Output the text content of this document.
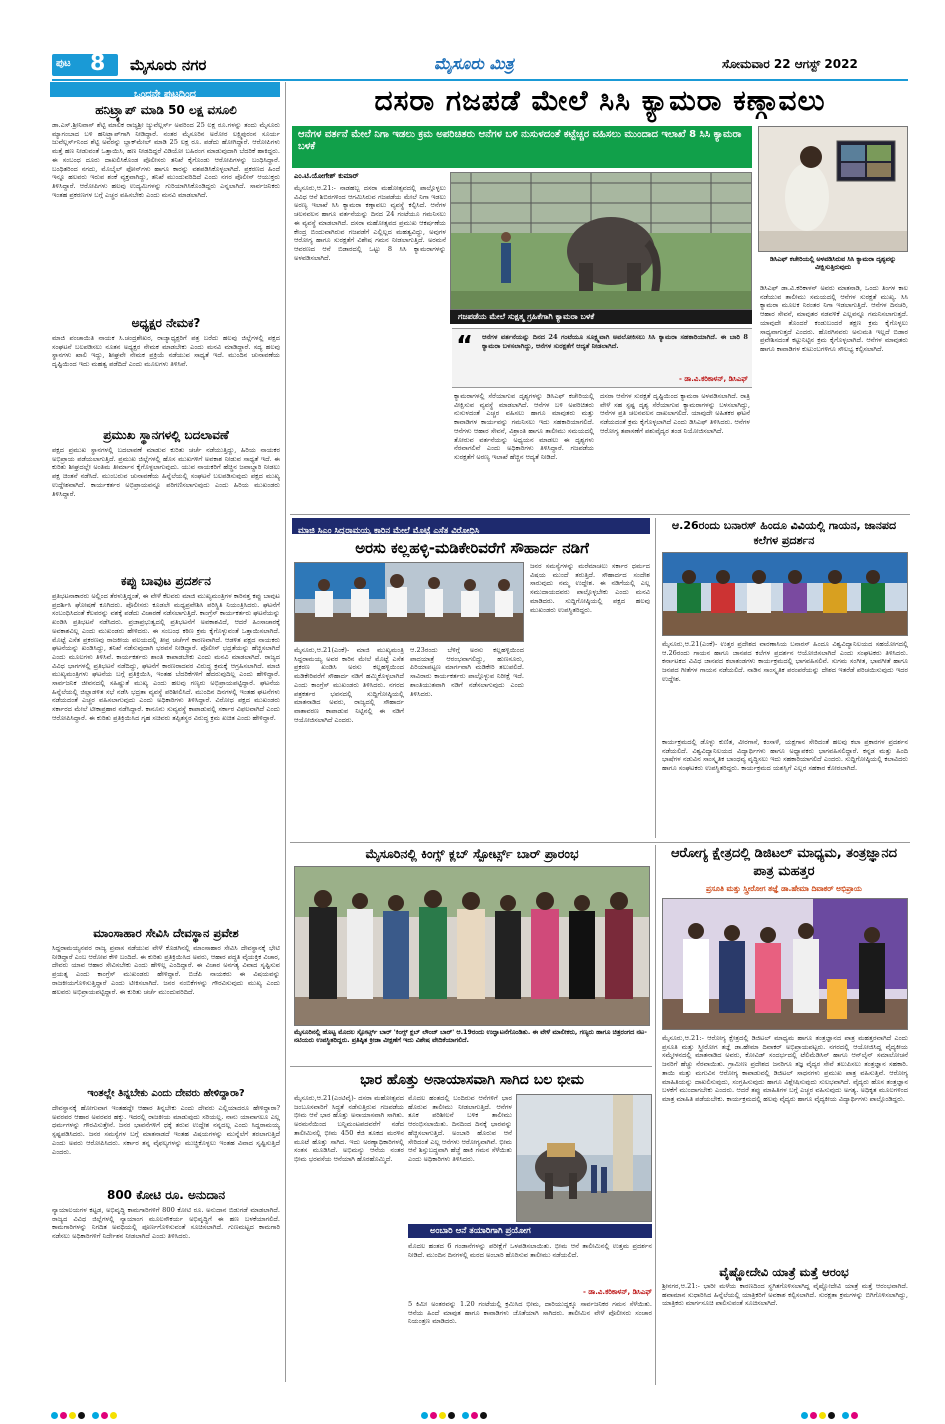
ಪುಟ 8 ಮೈಸೂರು ನಗರ	ಮೈಸೂರು ಮಿತ್ರ	ಸೋಮವಾರ 22 ಆಗಸ್ಟ್ 2022
ಒಂದನೇ ಪುಟದಿಂದ
ಹನಿಟ್ರ್ಯಾಪ್ ಮಾಡಿ 50 ಲಕ್ಷ ವಸೂಲಿ
ಡಾ.ಎಸ್.ಶ್ರೀನಿವಾಸ್ ಶೆಟ್ಟಿ ಮಾಲಿಕ ರಾಜ್ಯಶ್ರೀ ಜ್ಯುವೆಲ್ಲರ್ಸ್ ಅವರಿಂದ 25 ಲಕ್ಷ ರೂ.ಗಳನ್ನು ತಂದು ಮೈಸೂರು ಮ್ಯಾಗಂಬಾದ ಬಳಿ ಹನಿಟ್ರ್ಯಾಪ್‌ಗಾಗಿ ನೀಡಿದ್ದಾರೆ. ನಂತರ ಮೈಸೂರಿನ ಅರೋರ ಲಕ್ಷ್ಮಿಪುರಂನ ಸೂರ್ಯ ಜುವೆಲ್ಲರ್ಸ್‌ನಿಂದ ಶೆಟ್ಟಿ ಅವರನ್ನು ಬ್ಲಾಕ್‌ಮೇಲ್ ಮಾಡಿ 25 ಲಕ್ಷ ರೂ. ಪಡೆದು ಹೋಗಿದ್ದಾರೆ. ಆರೋಪಿಗಳು ಮತ್ತೆ ಹಣ ನೀಡುವಂತೆ ಒತ್ತಾಯಿಸಿ, ಹಣ ನೀಡದಿದ್ದರೆ ವಿಡಿಯೋ ಬಹಿರಂಗ ಮಾಡುವುದಾಗಿ ಬೆದರಿಕೆ ಹಾಕಿದ್ದರು. ಈ ಸಂಬಂಧ ದೂರು ದಾಖಲಿಸಿಕೊಂಡ ಪೊಲೀಸರು ತನಿಖೆ ಕೈಗೊಂಡು ಆರೋಪಿಗಳನ್ನು ಬಂಧಿಸಿದ್ದಾರೆ. ಬಂಧಿತರಿಂದ ನಗದು, ಮೊಬೈಲ್ ಫೋನ್‌ಗಳು ಹಾಗೂ ಕಾರನ್ನು ವಶಪಡಿಸಿಕೊಳ್ಳಲಾಗಿದೆ. ಪ್ರಕರಣದ ಹಿಂದೆ ಇನ್ನೂ ಹಲವರು ಇರುವ ಶಂಕೆ ವ್ಯಕ್ತವಾಗಿದ್ದು, ತನಿಖೆ ಮುಂದುವರಿದಿದೆ ಎಂದು ನಗರ ಪೊಲೀಸ್ ಆಯುಕ್ತರು ತಿಳಿಸಿದ್ದಾರೆ. ಆರೋಪಿಗಳು ಹಲವು ಉದ್ಯಮಿಗಳನ್ನು ಗುರಿಯಾಗಿಸಿಕೊಂಡಿದ್ದರು ಎನ್ನಲಾಗಿದೆ. ಸಾರ್ವಜನಿಕರು ಇಂತಹ ಪ್ರಕರಣಗಳ ಬಗ್ಗೆ ಎಚ್ಚರ ವಹಿಸಬೇಕು ಎಂದು ಮನವಿ ಮಾಡಲಾಗಿದೆ.
ಅಧ್ಯಕ್ಷರ ನೇಮಕ?
ಮಾಜಿ ಪಂಚಾಯಿತಿ ನಾಯಕ ಸಿ.ಚಂದ್ರಶೇಖರ, ರಾಜ್ಯಾಧ್ಯಕ್ಷರಿಗೆ ಪತ್ರ ಬರೆದು ಹಲವು ಜಿಲ್ಲೆಗಳಲ್ಲಿ ಪಕ್ಷದ ಸಂಘಟನೆ ಬಲಪಡಿಸಲು ನೂತನ ಅಧ್ಯಕ್ಷರ ನೇಮಕ ಮಾಡಬೇಕು ಎಂದು ಮನವಿ ಮಾಡಿದ್ದಾರೆ. ಸದ್ಯ ಹಲವು ಸ್ಥಾನಗಳು ಖಾಲಿ ಇದ್ದು, ಶೀಘ್ರವೇ ನೇಮಕ ಪ್ರಕ್ರಿಯೆ ನಡೆಯುವ ಸಾಧ್ಯತೆ ಇದೆ. ಮುಂದಿನ ಚುನಾವಣೆಯ ದೃಷ್ಟಿಯಿಂದ ಇದು ಮಹತ್ವ ಪಡೆದಿದೆ ಎಂದು ಮೂಲಗಳು ತಿಳಿಸಿವೆ.
ಪ್ರಮುಖ ಸ್ಥಾನಗಳಲ್ಲಿ ಬದಲಾವಣೆ
ಪಕ್ಷದ ಪ್ರಮುಖ ಸ್ಥಾನಗಳಲ್ಲಿ ಬದಲಾವಣೆ ಮಾಡುವ ಕುರಿತು ಚರ್ಚೆ ನಡೆಯುತ್ತಿದ್ದು, ಹಿರಿಯ ನಾಯಕರ ಅಭಿಪ್ರಾಯ ಪಡೆಯಲಾಗುತ್ತಿದೆ. ಪ್ರಮುಖ ಜಿಲ್ಲೆಗಳಲ್ಲಿ ಹೊಸ ಮುಖಗಳಿಗೆ ಅವಕಾಶ ನೀಡುವ ಸಾಧ್ಯತೆ ಇದೆ. ಈ ಕುರಿತು ಶೀಘ್ರದಲ್ಲೇ ಅಂತಿಮ ತೀರ್ಮಾನ ಕೈಗೊಳ್ಳಲಾಗುವುದು. ಯುವ ನಾಯಕರಿಗೆ ಹೆಚ್ಚಿನ ಜವಾಬ್ದಾರಿ ನೀಡಲು ಪಕ್ಷ ಚಿಂತನೆ ನಡೆಸಿದೆ. ಮುಂಬರುವ ಚುನಾವಣೆಯ ಹಿನ್ನೆಲೆಯಲ್ಲಿ ಸಂಘಟನೆ ಬಲಪಡಿಸುವುದು ಪಕ್ಷದ ಮುಖ್ಯ ಉದ್ದೇಶವಾಗಿದೆ. ಕಾರ್ಯಕರ್ತರ ಅಭಿಪ್ರಾಯವನ್ನೂ ಪರಿಗಣಿಸಲಾಗುವುದು ಎಂದು ಹಿರಿಯ ಮುಖಂಡರು ತಿಳಿಸಿದ್ದಾರೆ.
ಕಪ್ಪು ಬಾವುಟ ಪ್ರದರ್ಶನ
ಪ್ರತಿಭಟನಾಕಾರರು ಅಲ್ಲಿಂದ ತೆರಳುತ್ತಿದ್ದಂತೆ, ಈ ವೇಳೆ ಕೆಲವರು ಮಾಜಿ ಮುಖ್ಯಮಂತ್ರಿಗಳ ಕಾರಿನತ್ತ ಕಪ್ಪು ಬಾವುಟ ಪ್ರದರ್ಶಿಸಿ ಘೋಷಣೆ ಕೂಗಿದರು. ಪೊಲೀಸರು ಕೂಡಲೇ ಮಧ್ಯಪ್ರವೇಶಿಸಿ ಪರಿಸ್ಥಿತಿ ನಿಯಂತ್ರಿಸಿದರು. ಘಟನೆಗೆ ಸಂಬಂಧಿಸಿದಂತೆ ಕೆಲವರನ್ನು ವಶಕ್ಕೆ ಪಡೆದು ವಿಚಾರಣೆ ನಡೆಸಲಾಗುತ್ತಿದೆ. ಕಾಂಗ್ರೆಸ್ ಕಾರ್ಯಕರ್ತರು ಘಟನೆಯನ್ನು ಖಂಡಿಸಿ ಪ್ರತಿಭಟನೆ ನಡೆಸಿದರು. ಪ್ರಜಾಪ್ರಭುತ್ವದಲ್ಲಿ ಪ್ರತಿಭಟನೆಗೆ ಅವಕಾಶವಿದೆ, ಆದರೆ ಹಿಂಸಾಚಾರಕ್ಕೆ ಅವಕಾಶವಿಲ್ಲ ಎಂದು ಮುಖಂಡರು ಹೇಳಿದರು. ಈ ಸಂಬಂಧ ಕಠಿಣ ಕ್ರಮ ಕೈಗೊಳ್ಳುವಂತೆ ಒತ್ತಾಯಿಸಲಾಗಿದೆ. ಮೊಟ್ಟೆ ಎಸೆತ ಪ್ರಕರಣವು ರಾಜಕೀಯ ವಲಯದಲ್ಲಿ ತೀವ್ರ ಚರ್ಚೆಗೆ ಕಾರಣವಾಗಿದೆ. ಆಡಳಿತ ಪಕ್ಷದ ನಾಯಕರು ಘಟನೆಯನ್ನು ಖಂಡಿಸಿದ್ದು, ತನಿಖೆ ನಡೆಸುವುದಾಗಿ ಭರವಸೆ ನೀಡಿದ್ದಾರೆ. ಪೊಲೀಸ್ ಭದ್ರತೆಯನ್ನು ಹೆಚ್ಚಿಸಲಾಗಿದೆ ಎಂದು ಮೂಲಗಳು ತಿಳಿಸಿವೆ. ಕಾರ್ಯಕರ್ತರು ಶಾಂತಿ ಕಾಪಾಡಬೇಕು ಎಂದು ಮನವಿ ಮಾಡಲಾಗಿದೆ. ರಾಜ್ಯದ ವಿವಿಧ ಭಾಗಗಳಲ್ಲಿ ಪ್ರತಿಭಟನೆ ನಡೆದಿದ್ದು, ಘಟನೆಗೆ ಕಾರಣರಾದವರ ವಿರುದ್ಧ ಕ್ರಮಕ್ಕೆ ಆಗ್ರಹಿಸಲಾಗಿದೆ. ಮಾಜಿ ಮುಖ್ಯಮಂತ್ರಿಗಳು ಘಟನೆಯ ಬಗ್ಗೆ ಪ್ರತಿಕ್ರಿಯಿಸಿ, ಇಂತಹ ಬೆದರಿಕೆಗಳಿಗೆ ಹೆದರುವುದಿಲ್ಲ ಎಂದು ಹೇಳಿದ್ದಾರೆ. ಸಾರ್ವಜನಿಕ ಜೀವನದಲ್ಲಿ ಸಹಿಷ್ಣುತೆ ಮುಖ್ಯ ಎಂದು ಹಲವು ಗಣ್ಯರು ಅಭಿಪ್ರಾಯಪಟ್ಟಿದ್ದಾರೆ. ಘಟನೆಯ ಹಿನ್ನೆಲೆಯಲ್ಲಿ ಜಿಲ್ಲಾಡಳಿತ ಸಭೆ ನಡೆಸಿ ಭದ್ರತಾ ವ್ಯವಸ್ಥೆ ಪರಿಶೀಲಿಸಿದೆ. ಮುಂದಿನ ದಿನಗಳಲ್ಲಿ ಇಂತಹ ಘಟನೆಗಳು ನಡೆಯದಂತೆ ಎಚ್ಚರ ವಹಿಸಲಾಗುವುದು ಎಂದು ಅಧಿಕಾರಿಗಳು ತಿಳಿಸಿದ್ದಾರೆ. ವಿರೋಧ ಪಕ್ಷದ ಮುಖಂಡರು ಸರ್ಕಾರದ ಮೇಲೆ ಟೀಕಾಪ್ರಹಾರ ನಡೆಸಿದ್ದಾರೆ. ಕಾನೂನು ಸುವ್ಯವಸ್ಥೆ ಕಾಪಾಡುವಲ್ಲಿ ಸರ್ಕಾರ ವಿಫಲವಾಗಿದೆ ಎಂದು ಆರೋಪಿಸಿದ್ದಾರೆ. ಈ ಕುರಿತು ಪ್ರತಿಕ್ರಿಯಿಸಿದ ಗೃಹ ಸಚಿವರು ತಪ್ಪಿತಸ್ಥರ ವಿರುದ್ಧ ಕ್ರಮ ಖಚಿತ ಎಂದು ಹೇಳಿದ್ದಾರೆ.
ಮಾಂಸಾಹಾರ ಸೇವಿಸಿ ದೇವಸ್ಥಾನ ಪ್ರವೇಶ
ಸಿದ್ದರಾಮಯ್ಯನವರ ರಾಜ್ಯ ಪ್ರವಾಸ ನಡೆಯುವ ವೇಳೆ ಕೊಡಗಿನಲ್ಲಿ ಮಾಂಸಾಹಾರ ಸೇವಿಸಿ ದೇವಸ್ಥಾನಕ್ಕೆ ಭೇಟಿ ನೀಡಿದ್ದಾರೆ ಎಂಬ ಆರೋಪ ಕೇಳಿ ಬಂದಿದೆ. ಈ ಕುರಿತು ಪ್ರತಿಕ್ರಿಯಿಸಿದ ಅವರು, ಆಹಾರ ಪದ್ಧತಿ ವೈಯಕ್ತಿಕ ವಿಚಾರ, ದೇವರು ಯಾವ ಆಹಾರ ಸೇವಿಸಬೇಕು ಎಂದು ಹೇಳಿಲ್ಲ ಎಂದಿದ್ದಾರೆ. ಈ ವಿಚಾರ ಅನಗತ್ಯ ವಿವಾದ ಸೃಷ್ಟಿಸುವ ಪ್ರಯತ್ನ ಎಂದು ಕಾಂಗ್ರೆಸ್ ಮುಖಂಡರು ಹೇಳಿದ್ದಾರೆ. ಬಿಜೆಪಿ ನಾಯಕರು ಈ ವಿಷಯವನ್ನು ರಾಜಕೀಯಗೊಳಿಸುತ್ತಿದ್ದಾರೆ ಎಂದು ಟೀಕಿಸಲಾಗಿದೆ. ಜನರ ನಂಬಿಕೆಗಳನ್ನು ಗೌರವಿಸುವುದು ಮುಖ್ಯ ಎಂದು ಹಲವರು ಅಭಿಪ್ರಾಯಪಟ್ಟಿದ್ದಾರೆ. ಈ ಕುರಿತು ಚರ್ಚೆ ಮುಂದುವರಿದಿದೆ.
ಇಂತಲ್ಲೇ ತಿನ್ನಬೇಕು ಎಂದು ದೇವರು ಹೇಳಿದ್ದಾರಾ?
ದೇವಸ್ಥಾನಕ್ಕೆ ಹೋಗುವಾಗ ಇಂತಹದ್ದೇ ಆಹಾರ ತಿನ್ನಬೇಕು ಎಂದು ದೇವರು ಎಲ್ಲಿಯಾದರೂ ಹೇಳಿದ್ದಾರಾ? ಅವರವರ ಆಹಾರ ಅವರವರ ಹಕ್ಕು. ಇದರಲ್ಲಿ ರಾಜಕೀಯ ಮಾಡುವುದು ಸರಿಯಲ್ಲ. ನಾನು ಯಾವಾಗಲೂ ಎಲ್ಲ ಧರ್ಮಗಳನ್ನು ಗೌರವಿಸುತ್ತೇನೆ. ಜನರ ಭಾವನೆಗಳಿಗೆ ಧಕ್ಕೆ ತರುವ ಉದ್ದೇಶ ನನ್ನದಲ್ಲ ಎಂದು ಸಿದ್ದರಾಮಯ್ಯ ಸ್ಪಷ್ಟಪಡಿಸಿದರು. ಜನರ ಸಮಸ್ಯೆಗಳ ಬಗ್ಗೆ ಮಾತನಾಡದೆ ಇಂತಹ ವಿಷಯಗಳನ್ನು ಮುನ್ನೆಲೆಗೆ ತರಲಾಗುತ್ತಿದೆ ಎಂದು ಅವರು ಆರೋಪಿಸಿದರು. ಸರ್ಕಾರ ತನ್ನ ವೈಫಲ್ಯಗಳನ್ನು ಮುಚ್ಚಿಕೊಳ್ಳಲು ಇಂತಹ ವಿವಾದ ಸೃಷ್ಟಿಸುತ್ತಿದೆ ಎಂದರು.
800 ಕೋಟಿ ರೂ. ಅನುದಾನ
ನ್ಯಾಯಾಲಯಗಳ ಕಟ್ಟಡ, ಅಭಿವೃದ್ಧಿ ಕಾಮಗಾರಿಗಳಿಗೆ 800 ಕೋಟಿ ರೂ. ಅನುದಾನ ಬಿಡುಗಡೆ ಮಾಡಲಾಗಿದೆ. ರಾಜ್ಯದ ವಿವಿಧ ಜಿಲ್ಲೆಗಳಲ್ಲಿ ನ್ಯಾಯಾಂಗ ಮೂಲಸೌಕರ್ಯ ಅಭಿವೃದ್ಧಿಗೆ ಈ ಹಣ ಬಳಕೆಯಾಗಲಿದೆ. ಕಾಮಗಾರಿಗಳನ್ನು ನಿಗದಿತ ಅವಧಿಯಲ್ಲಿ ಪೂರ್ಣಗೊಳಿಸುವಂತೆ ಸೂಚಿಸಲಾಗಿದೆ. ಗುಣಮಟ್ಟದ ಕಾಮಗಾರಿ ನಡೆಸಲು ಅಧಿಕಾರಿಗಳಿಗೆ ನಿರ್ದೇಶನ ನೀಡಲಾಗಿದೆ ಎಂದು ತಿಳಿಸಿದರು.
ದಸರಾ ಗಜಪಡೆ ಮೇಲೆ ಸಿಸಿ ಕ್ಯಾಮರಾ ಕಣ್ಗಾವಲು
ಆನೆಗಳ ವರ್ತನೆ ಮೇಲೆ ನಿಗಾ ಇಡಲು ಕ್ರಮ ಅಪರಿಚಿತರು ಆನೆಗಳ ಬಳಿ ನುಸುಳದಂತೆ ಕಟ್ಟೆಚ್ಚರ ವಹಿಸಲು ಮುಂದಾದ ಇಲಾಖೆ 8 ಸಿಸಿ ಕ್ಯಾಮರಾ ಬಳಕೆ
ಗಜಪಡೆಯ ಮೇಲೆ ಸುಕ್ಷತ್ಮ ಗ್ರಹಿಕೆಗಾಗಿ ಕ್ಯಾಮರಾ ಬಳಕೆ
ಎಂ.ಟಿ.ಯೋಗೇಶ್ ಕುಮಾರ್
ಮೈಸೂರು,ಆ.21:- ನಾಡಹಬ್ಬ ದಸರಾ ಮಹೋತ್ಸವದಲ್ಲಿ ಪಾಲ್ಗೊಳ್ಳಲು ವಿವಿಧ ಆನೆ ಶಿಬಿರಗಳಿಂದ ಆಗಮಿಸಿರುವ ಗಜಪಡೆಯ ಮೇಲೆ ನಿಗಾ ಇಡಲು ಅರಣ್ಯ ಇಲಾಖೆ ಸಿಸಿ ಕ್ಯಾಮರಾ ಕಣ್ಗಾವಲು ವ್ಯವಸ್ಥೆ ಕಲ್ಪಿಸಿದೆ. ಆನೆಗಳ ಚಲನವಲನ ಹಾಗೂ ವರ್ತನೆಯನ್ನು ದಿನದ 24 ಗಂಟೆಯೂ ಗಮನಿಸಲು ಈ ವ್ಯವಸ್ಥೆ ಮಾಡಲಾಗಿದೆ. ದಸರಾ ಮಹೋತ್ಸವದ ಪ್ರಮುಖ ಆಕರ್ಷಣೆಯ ಕೇಂದ್ರ ಬಿಂದುವಾಗಿರುವ ಗಜಪಡೆಗೆ ಎಲ್ಲಿಲ್ಲದ ಮಹತ್ವವಿದ್ದು, ಅವುಗಳ ಆರೋಗ್ಯ ಹಾಗೂ ಸುರಕ್ಷತೆಗೆ ವಿಶೇಷ ಗಮನ ನೀಡಲಾಗುತ್ತಿದೆ. ಅರಮನೆ ಆವರಣದ ಆನೆ ಬಿಡಾರದಲ್ಲಿ ಒಟ್ಟು 8 ಸಿಸಿ ಕ್ಯಾಮರಾಗಳನ್ನು ಅಳವಡಿಸಲಾಗಿದೆ.
ಕ್ಯಾಮರಾಗಳಲ್ಲಿ ಸೆರೆಯಾಗುವ ದೃಶ್ಯಗಳನ್ನು ಡಿಸಿಎಫ್ ಕಚೇರಿಯಲ್ಲಿ ವೀಕ್ಷಿಸುವ ವ್ಯವಸ್ಥೆ ಮಾಡಲಾಗಿದೆ. ಆನೆಗಳ ಬಳಿ ಅಪರಿಚಿತರು ನುಸುಳದಂತೆ ಎಚ್ಚರ ವಹಿಸಲು ಹಾಗೂ ಮಾವುತರು ಮತ್ತು ಕಾವಾಡಿಗಳ ಕಾರ್ಯವನ್ನು ಗಮನಿಸಲು ಇದು ಸಹಕಾರಿಯಾಗಲಿದೆ. ಆನೆಗಳು ಆಹಾರ ಸೇವನೆ, ವಿಶ್ರಾಂತಿ ಹಾಗೂ ತಾಲೀಮು ಸಮಯದಲ್ಲಿ ತೋರುವ ವರ್ತನೆಯನ್ನು ಅಧ್ಯಯನ ಮಾಡಲು ಈ ದೃಶ್ಯಗಳು ನೆರವಾಗಲಿವೆ ಎಂದು ಅಧಿಕಾರಿಗಳು ತಿಳಿಸಿದ್ದಾರೆ. ಗಜಪಡೆಯ ಸುರಕ್ಷತೆಗೆ ಅರಣ್ಯ ಇಲಾಖೆ ಹೆಚ್ಚಿನ ಆದ್ಯತೆ ನೀಡಿದೆ.
ದಸರಾ ಆನೆಗಳ ಸುರಕ್ಷತೆ ದೃಷ್ಟಿಯಿಂದ ಕ್ಯಾಮರಾ ಅಳವಡಿಸಲಾಗಿದೆ. ರಾತ್ರಿ ವೇಳೆ ಸಹ ಸ್ಪಷ್ಟ ದೃಶ್ಯ ಸೆರೆಯಾಗುವ ಕ್ಯಾಮರಾಗಳನ್ನು ಬಳಸಲಾಗಿದ್ದು, ಆನೆಗಳ ಪ್ರತಿ ಚಲನವಲನ ದಾಖಲಾಗಲಿದೆ. ಯಾವುದೇ ಅಹಿತಕರ ಘಟನೆ ನಡೆಯದಂತೆ ಕ್ರಮ ಕೈಗೊಳ್ಳಲಾಗಿದೆ ಎಂದು ಡಿಸಿಎಫ್ ತಿಳಿಸಿದರು. ಆನೆಗಳ ಆರೋಗ್ಯ ತಪಾಸಣೆಗೆ ಪಶುವೈದ್ಯರ ತಂಡ ನಿಯೋಜಿಸಲಾಗಿದೆ.
“ ಆನೆಗಳ ವರ್ತನೆಯನ್ನು ದಿನದ 24 ಗಂಟೆಯೂ ಸೂಕ್ಷ್ಮವಾಗಿ ಅವಲೋಕಿಸಲು ಸಿಸಿ ಕ್ಯಾಮರಾ ಸಹಕಾರಿಯಾಗಿದೆ. ಈ ಬಾರಿ 8 ಕ್ಯಾಮರಾ ಬಳಸಲಾಗಿದ್ದು, ಆನೆಗಳ ಸುರಕ್ಷತೆಗೆ ಆದ್ಯತೆ ನೀಡಲಾಗಿದೆ.
- ಡಾ.ವಿ.ಕರಿಕಾಳನ್, ಡಿಸಿಎಫ್
ಡಿಸಿಎಫ್ ಕಚೇರಿಯಲ್ಲಿ ಅಳವಡಿಸಿರುವ ಸಿಸಿ ಕ್ಯಾಮರಾ ದೃಶ್ಯವನ್ನು ವೀಕ್ಷಿಸುತ್ತಿರುವುದು
ಡಿಸಿಎಫ್ ಡಾ.ವಿ.ಕರಿಕಾಳನ್ ಅವರು ಮಾತನಾಡಿ, ಒಂದು ತಿಂಗಳ ಕಾಲ ನಡೆಯುವ ತಾಲೀಮು ಸಮಯದಲ್ಲಿ ಆನೆಗಳ ಸುರಕ್ಷತೆ ಮುಖ್ಯ. ಸಿಸಿ ಕ್ಯಾಮರಾ ಮೂಲಕ ನಿರಂತರ ನಿಗಾ ಇಡಲಾಗುತ್ತಿದೆ. ಆನೆಗಳ ದಿನಚರಿ, ಆಹಾರ ಸೇವನೆ, ಮಾವುತರ ನಡವಳಿಕೆ ಎಲ್ಲವನ್ನೂ ಗಮನಿಸಲಾಗುತ್ತದೆ. ಯಾವುದೇ ತೊಂದರೆ ಕಂಡುಬಂದರೆ ತಕ್ಷಣ ಕ್ರಮ ಕೈಗೊಳ್ಳಲು ಸಾಧ್ಯವಾಗುತ್ತದೆ ಎಂದರು. ಹೊರಗಿನವರು ಅನುಮತಿ ಇಲ್ಲದೆ ಬಿಡಾರ ಪ್ರವೇಶಿಸದಂತೆ ಕಟ್ಟುನಿಟ್ಟಿನ ಕ್ರಮ ಕೈಗೊಳ್ಳಲಾಗಿದೆ. ಆನೆಗಳ ಮಾವುತರು ಹಾಗೂ ಕಾವಾಡಿಗಳ ಕುಟುಂಬಗಳಿಗೂ ಸೌಲಭ್ಯ ಕಲ್ಪಿಸಲಾಗಿದೆ.
ಮಾಜಿ ಸಿಎಂ ಸಿದ್ದರಾಮಯ್ಯ ಕಾರಿನ ಮೇಲೆ ಮೊಟ್ಟೆ ಎಸೆತ ವಿರೋಧಿಸಿ
ಅರಸು ಕಲ್ಲಹಳ್ಳಿ-ಮಡಿಕೇರಿವರೆಗೆ ಸೌಹಾರ್ದ ನಡಿಗೆ
ಮೈಸೂರು,ಆ.21(ಎಂಕೆ)- ಮಾಜಿ ಮುಖ್ಯಮಂತ್ರಿ ಸಿದ್ದರಾಮಯ್ಯ ಅವರ ಕಾರಿನ ಮೇಲೆ ಮೊಟ್ಟೆ ಎಸೆತ ಪ್ರಕರಣ ಖಂಡಿಸಿ ಅರಸು ಕಲ್ಲಹಳ್ಳಿಯಿಂದ ಮಡಿಕೇರಿವರೆಗೆ ಸೌಹಾರ್ದ ನಡಿಗೆ ಹಮ್ಮಿಕೊಳ್ಳಲಾಗಿದೆ ಎಂದು ಕಾಂಗ್ರೆಸ್ ಮುಖಂಡರು ತಿಳಿಸಿದರು. ನಗರದ ಪತ್ರಕರ್ತರ ಭವನದಲ್ಲಿ ಸುದ್ದಿಗೋಷ್ಠಿಯಲ್ಲಿ ಮಾತನಾಡಿದ ಅವರು, ರಾಜ್ಯದಲ್ಲಿ ಸೌಹಾರ್ದ ವಾತಾವರಣ ಕಾಪಾಡುವ ನಿಟ್ಟಿನಲ್ಲಿ ಈ ನಡಿಗೆ ಆಯೋಜಿಸಲಾಗಿದೆ ಎಂದರು.
ಆ.23ರಂದು ಬೆಳಿಗ್ಗೆ ಅರಸು ಕಲ್ಲಹಳ್ಳಿಯಿಂದ ಪಾದಯಾತ್ರೆ ಆರಂಭವಾಗಲಿದ್ದು, ಹುಣಸೂರು, ಪಿರಿಯಾಪಟ್ಟಣ ಮಾರ್ಗವಾಗಿ ಮಡಿಕೇರಿ ತಲುಪಲಿದೆ. ಸಾವಿರಾರು ಕಾರ್ಯಕರ್ತರು ಪಾಲ್ಗೊಳ್ಳುವ ನಿರೀಕ್ಷೆ ಇದೆ. ಶಾಂತಿಯುತವಾಗಿ ನಡಿಗೆ ನಡೆಸಲಾಗುವುದು ಎಂದು ತಿಳಿಸಿದರು.
ಜನರ ಸಮಸ್ಯೆಗಳನ್ನು ಮರೆಮಾಚಲು ಸರ್ಕಾರ ಧರ್ಮದ ವಿಷಯ ಮುಂದೆ ತರುತ್ತಿದೆ. ಸೌಹಾರ್ದದ ಸಂದೇಶ ಸಾರುವುದು ನಮ್ಮ ಉದ್ದೇಶ. ಈ ನಡಿಗೆಯಲ್ಲಿ ಎಲ್ಲ ಸಮುದಾಯದವರು ಪಾಲ್ಗೊಳ್ಳಬೇಕು ಎಂದು ಮನವಿ ಮಾಡಿದರು. ಸುದ್ದಿಗೋಷ್ಠಿಯಲ್ಲಿ ಪಕ್ಷದ ಹಲವು ಮುಖಂಡರು ಉಪಸ್ಥಿತರಿದ್ದರು.
ಆ.26ರಂದು ಬನಾರಸ್ ಹಿಂದೂ ವಿವಿಯಲ್ಲಿ ಗಾಯನ, ಜಾನಪದ ಕಲೆಗಳ ಪ್ರದರ್ಶನ
ಮೈಸೂರು,ಆ.21(ಎಂಕೆ)- ಉತ್ತರ ಪ್ರದೇಶದ ವಾರಣಾಸಿಯ ಬನಾರಸ್ ಹಿಂದೂ ವಿಶ್ವವಿದ್ಯಾನಿಲಯದ ಸಹಯೋಗದಲ್ಲಿ ಆ.26ರಂದು ಗಾಯನ ಹಾಗೂ ಜಾನಪದ ಕಲೆಗಳ ಪ್ರದರ್ಶನ ಆಯೋಜಿಸಲಾಗಿದೆ ಎಂದು ಸಂಘಟಕರು ತಿಳಿಸಿದರು. ಕರ್ನಾಟಕದ ವಿವಿಧ ಜಾನಪದ ಕಲಾತಂಡಗಳು ಕಾರ್ಯಕ್ರಮದಲ್ಲಿ ಭಾಗವಹಿಸಲಿವೆ. ಸುಗಮ ಸಂಗೀತ, ಭಾವಗೀತೆ ಹಾಗೂ ಜನಪದ ಗೀತೆಗಳ ಗಾಯನ ನಡೆಯಲಿದೆ. ನಾಡಿನ ಸಾಂಸ್ಕೃತಿಕ ಪರಂಪರೆಯನ್ನು ದೇಶದ ಇತರೆಡೆ ಪರಿಚಯಿಸುವುದು ಇದರ ಉದ್ದೇಶ.
ಕಾರ್ಯಕ್ರಮದಲ್ಲಿ ಡೊಳ್ಳು ಕುಣಿತ, ವೀರಗಾಸೆ, ಕಂಸಾಳೆ, ಯಕ್ಷಗಾನ ಸೇರಿದಂತೆ ಹಲವು ಕಲಾ ಪ್ರಕಾರಗಳ ಪ್ರದರ್ಶನ ನಡೆಯಲಿದೆ. ವಿಶ್ವವಿದ್ಯಾನಿಲಯದ ವಿದ್ಯಾರ್ಥಿಗಳು ಹಾಗೂ ಅಧ್ಯಾಪಕರು ಭಾಗವಹಿಸಲಿದ್ದಾರೆ. ಕನ್ನಡ ಮತ್ತು ಹಿಂದಿ ಭಾಷೆಗಳ ನಡುವಿನ ಸಾಂಸ್ಕೃತಿಕ ಬಾಂಧವ್ಯ ವೃದ್ಧಿಸಲು ಇದು ಸಹಕಾರಿಯಾಗಲಿದೆ ಎಂದರು. ಸುದ್ದಿಗೋಷ್ಠಿಯಲ್ಲಿ ಕಲಾವಿದರು ಹಾಗೂ ಸಂಘಟಕರು ಉಪಸ್ಥಿತರಿದ್ದರು. ಕಾರ್ಯಕ್ರಮದ ಯಶಸ್ಸಿಗೆ ಎಲ್ಲರ ಸಹಕಾರ ಕೋರಲಾಗಿದೆ.
ಮೈಸೂರಿನಲ್ಲಿ ಕಿಂಗ್ಸ್ ಕ್ಲಬ್ ಸ್ಪೋರ್ಟ್ಸ್ ಬಾರ್ ಪ್ರಾರಂಭ
ಮೈಸೂರಿನಲ್ಲಿ ಹೊಟ್ಟ ಮೊದಲ ಸ್ಪೋರ್ಟ್ಸ್ ಬಾರ್ 'ಕಿಂಗ್ಸ್ ಕ್ಲಬ್ ಲೌಂಜ್ ಬಾರ್' ಆ.19ರಂದು ಉದ್ಘಾಟನೆಗೊಂಡಿತು. ಈ ವೇಳೆ ಮಾಲೀಕರು, ಗಣ್ಯರು ಹಾಗೂ ಚಿತ್ರರಂಗದ ನಟ-ನಟಿಯರು ಉಪಸ್ಥಿತರಿದ್ದರು. ಪ್ರತಿಷ್ಠಿತ ಕ್ರೀಡಾ ವೀಕ್ಷಣೆಗೆ ಇದು ವಿಶೇಷ ವೇದಿಕೆಯಾಗಲಿದೆ.
ಆರೋಗ್ಯ ಕ್ಷೇತ್ರದಲ್ಲಿ ಡಿಜಿಟಲ್ ಮಾಧ್ಯಮ, ತಂತ್ರಜ್ಞಾನದ ಪಾತ್ರ ಮಹತ್ತರ
ಪ್ರಸೂತಿ ಮತ್ತು ಸ್ತ್ರೀರೋಗ ತಜ್ಞೆ ಡಾ.ಹೇಮಾ ದಿವಾಕರ್ ಅಭಿಪ್ರಾಯ
ಮೈಸೂರು,ಆ.21:- ಆರೋಗ್ಯ ಕ್ಷೇತ್ರದಲ್ಲಿ ಡಿಜಿಟಲ್ ಮಾಧ್ಯಮ ಹಾಗೂ ತಂತ್ರಜ್ಞಾನದ ಪಾತ್ರ ಮಹತ್ತರವಾಗಿದೆ ಎಂದು ಪ್ರಸೂತಿ ಮತ್ತು ಸ್ತ್ರೀರೋಗ ತಜ್ಞೆ ಡಾ.ಹೇಮಾ ದಿವಾಕರ್ ಅಭಿಪ್ರಾಯಪಟ್ಟರು. ನಗರದಲ್ಲಿ ಆಯೋಜಿಸಿದ್ದ ವೈದ್ಯಕೀಯ ಸಮ್ಮೇಳನದಲ್ಲಿ ಮಾತನಾಡಿದ ಅವರು, ಕೋವಿಡ್ ಸಂದರ್ಭದಲ್ಲಿ ಟೆಲಿಮೆಡಿಸಿನ್ ಹಾಗೂ ಆನ್‌ಲೈನ್ ಸಮಾಲೋಚನೆ ಜನರಿಗೆ ಹೆಚ್ಚು ನೆರವಾಯಿತು. ಗ್ರಾಮೀಣ ಪ್ರದೇಶದ ಜನರಿಗೂ ತಜ್ಞ ವೈದ್ಯರ ಸೇವೆ ತಲುಪಿಸಲು ತಂತ್ರಜ್ಞಾನ ಸಹಕಾರಿ. ತಾಯಿ ಮತ್ತು ಮಗುವಿನ ಆರೋಗ್ಯ ಕಾಪಾಡುವಲ್ಲಿ ಡಿಜಿಟಲ್ ಸಾಧನಗಳು ಪ್ರಮುಖ ಪಾತ್ರ ವಹಿಸುತ್ತಿವೆ. ಆರೋಗ್ಯ ಮಾಹಿತಿಯನ್ನು ದಾಖಲಿಸುವುದು, ಸಂಗ್ರಹಿಸುವುದು ಹಾಗೂ ವಿಶ್ಲೇಷಿಸುವುದು ಸುಲಭವಾಗಿದೆ. ವೈದ್ಯರು ಹೊಸ ತಂತ್ರಜ್ಞಾನ ಬಳಕೆಗೆ ಮುಂದಾಗಬೇಕು ಎಂದರು. ಆದರೆ ತಪ್ಪು ಮಾಹಿತಿಗಳ ಬಗ್ಗೆ ಎಚ್ಚರ ವಹಿಸುವುದು ಅಗತ್ಯ. ಅಧಿಕೃತ ಮೂಲಗಳಿಂದ ಮಾತ್ರ ಮಾಹಿತಿ ಪಡೆಯಬೇಕು. ಕಾರ್ಯಕ್ರಮದಲ್ಲಿ ಹಲವು ವೈದ್ಯರು ಹಾಗೂ ವೈದ್ಯಕೀಯ ವಿದ್ಯಾರ್ಥಿಗಳು ಪಾಲ್ಗೊಂಡಿದ್ದರು.
ವೈಷ್ಣೋದೇವಿ ಯಾತ್ರೆ ಮತ್ತೆ ಆರಂಭ
ಶ್ರೀನಗರ,ಆ.21:- ಭಾರೀ ಮಳೆಯ ಕಾರಣದಿಂದ ಸ್ಥಗಿತಗೊಳಿಸಲಾಗಿದ್ದ ವೈಷ್ಣೋದೇವಿ ಯಾತ್ರೆ ಮತ್ತೆ ಆರಂಭವಾಗಿದೆ. ಹವಾಮಾನ ಸುಧಾರಿಸಿದ ಹಿನ್ನೆಲೆಯಲ್ಲಿ ಯಾತ್ರಿಕರಿಗೆ ಅವಕಾಶ ಕಲ್ಪಿಸಲಾಗಿದೆ. ಸುರಕ್ಷತಾ ಕ್ರಮಗಳನ್ನು ಬಿಗಿಗೊಳಿಸಲಾಗಿದ್ದು, ಯಾತ್ರಿಕರು ಮಾರ್ಗಸೂಚಿ ಪಾಲಿಸುವಂತೆ ಸೂಚಿಸಲಾಗಿದೆ.
ಭಾರ ಹೊತ್ತು ಅನಾಯಾಸವಾಗಿ ಸಾಗಿದ ಬಲ ಭೀಮ
ಮೈಸೂರು,ಆ.21(ಎಂಟಿವೈ)- ದಸರಾ ಮಹೋತ್ಸವದ ಜಂಬೂಸವಾರಿಗೆ ಸಿದ್ಧತೆ ನಡೆಸುತ್ತಿರುವ ಗಜಪಡೆಯ ಭೀಮ ಆನೆ ಭಾರ ಹೊತ್ತು ಅನಾಯಾಸವಾಗಿ ಸಾಗಿತು. ಅರಮನೆಯಿಂದ ಬನ್ನಿಮಂಟಪದವರೆಗೆ ನಡೆದ ತಾಲೀಮಿನಲ್ಲಿ ಭೀಮ 450 ಕೆಜಿ ತೂಕದ ಮರಳಿನ ಮೂಟೆ ಹೊತ್ತು ಸಾಗಿದ. ಇದು ಅರಣ್ಯಾಧಿಕಾರಿಗಳಲ್ಲಿ ಸಂತಸ ಮೂಡಿಸಿದೆ. ಅಭಿಮನ್ಯು ಆನೆಯ ನಂತರ ಭೀಮ ಭರವಸೆಯ ಆನೆಯಾಗಿ ಹೊರಹೊಮ್ಮಿದೆ.
ಮೊದಲ ಹಂತದಲ್ಲಿ ಬಂದಿರುವ ಆನೆಗಳಿಗೆ ಭಾರ ಹೊರುವ ತಾಲೀಮು ನೀಡಲಾಗುತ್ತಿದೆ. ಆನೆಗಳ ತೂಕ ಪರಿಶೀಲನೆ ಬಳಿಕ ತಾಲೀಮು ಆರಂಭಿಸಲಾಯಿತು. ದಿನದಿಂದ ದಿನಕ್ಕೆ ಭಾರವನ್ನು ಹೆಚ್ಚಿಸಲಾಗುತ್ತಿದೆ. ಅಂಬಾರಿ ಹೊರುವ ಆನೆ ಸೇರಿದಂತೆ ಎಲ್ಲ ಆನೆಗಳು ಆರೋಗ್ಯವಾಗಿವೆ. ಭೀಮ ಆನೆ ಶಿಸ್ತುಬದ್ಧವಾಗಿ ಹೆಜ್ಜೆ ಹಾಕಿ ಗಮನ ಸೆಳೆಯಿತು ಎಂದು ಅಧಿಕಾರಿಗಳು ತಿಳಿಸಿದರು.
ಅಂಬಾರಿ ಆನೆ ತಯಾರಿಗಾಗಿ ಪ್ರಯೋಗ
ಮೊದಲ ಹಂತದ 6 ಗಂಡಾನೆಗಳನ್ನು ಪರೀಕ್ಷೆಗೆ ಒಳಪಡಿಸಲಾಯಿತು. ಭೀಮ ಆನೆ ತಾಲೀಮಿನಲ್ಲಿ ಉತ್ತಮ ಪ್ರದರ್ಶನ ನೀಡಿದೆ. ಮುಂದಿನ ದಿನಗಳಲ್ಲಿ ಮರದ ಅಂಬಾರಿ ಹೊರಿಸುವ ತಾಲೀಮು ನಡೆಯಲಿದೆ.
- ಡಾ.ವಿ.ಕರಿಕಾಳನ್, ಡಿಸಿಎಫ್
5 ಕಿಮೀ ಅಂತರವನ್ನು 1.20 ಗಂಟೆಯಲ್ಲಿ ಕ್ರಮಿಸಿದ ಭೀಮ, ದಾರಿಯುದ್ದಕ್ಕೂ ಸಾರ್ವಜನಿಕರ ಗಮನ ಸೆಳೆಯಿತು. ಆನೆಯ ಹಿಂದೆ ಮಾವುತ ಹಾಗೂ ಕಾವಾಡಿಗಳು ಜೊತೆಯಾಗಿ ಸಾಗಿದರು. ತಾಲೀಮಿನ ವೇಳೆ ಪೊಲೀಸರು ಸಂಚಾರ ನಿಯಂತ್ರಣ ಮಾಡಿದರು.
